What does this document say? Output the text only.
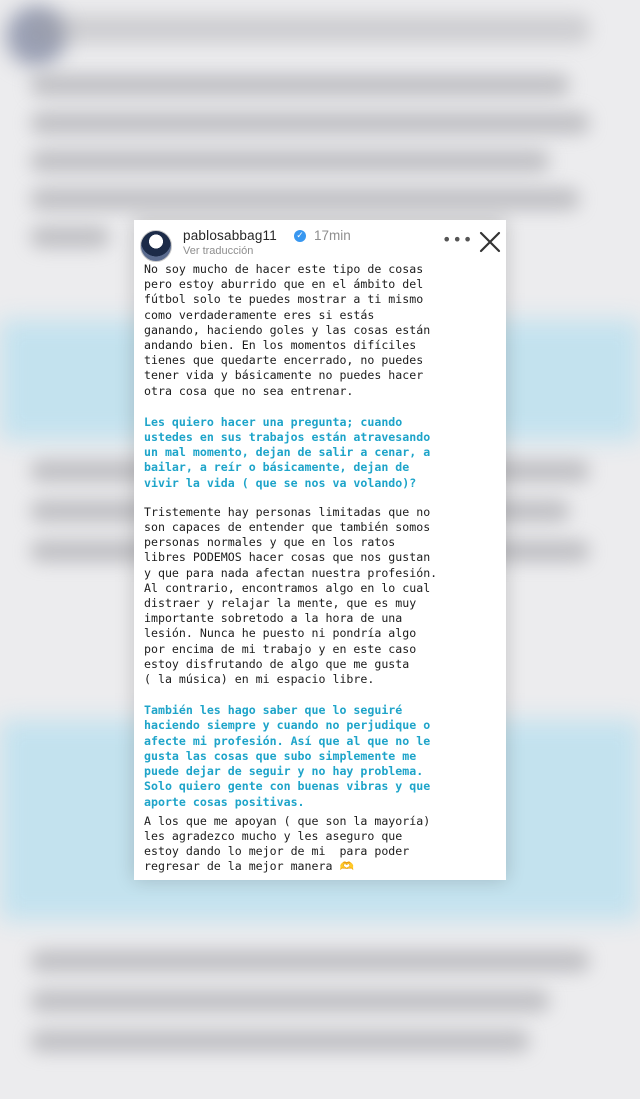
pablosabbag11 ✓ 17min
Ver traducción
•••
No soy mucho de hacer este tipo de cosas
pero estoy aburrido que en el ámbito del
fútbol solo te puedes mostrar a ti mismo
como verdaderamente eres si estás
ganando, haciendo goles y las cosas están
andando bien. En los momentos difíciles
tienes que quedarte encerrado, no puedes
tener vida y básicamente no puedes hacer
otra cosa que no sea entrenar.
Les quiero hacer una pregunta; cuando
ustedes en sus trabajos están atravesando
un mal momento, dejan de salir a cenar, a
bailar, a reír o básicamente, dejan de
vivir la vida ( que se nos va volando)?
Tristemente hay personas limitadas que no
son capaces de entender que también somos
personas normales y que en los ratos
libres PODEMOS hacer cosas que nos gustan
y que para nada afectan nuestra profesión.
Al contrario, encontramos algo en lo cual
distraer y relajar la mente, que es muy
importante sobretodo a la hora de una
lesión. Nunca he puesto ni pondría algo
por encima de mi trabajo y en este caso
estoy disfrutando de algo que me gusta
( la música) en mi espacio libre.
También les hago saber que lo seguiré
haciendo siempre y cuando no perjudique o
afecte mi profesión. Así que al que no le
gusta las cosas que subo simplemente me
puede dejar de seguir y no hay problema.
Solo quiero gente con buenas vibras y que
aporte cosas positivas.
A los que me apoyan ( que son la mayoría)
les agradezco mucho y les aseguro que
estoy dando lo mejor de mi  para poder
regresar de la mejor manera 🫶
